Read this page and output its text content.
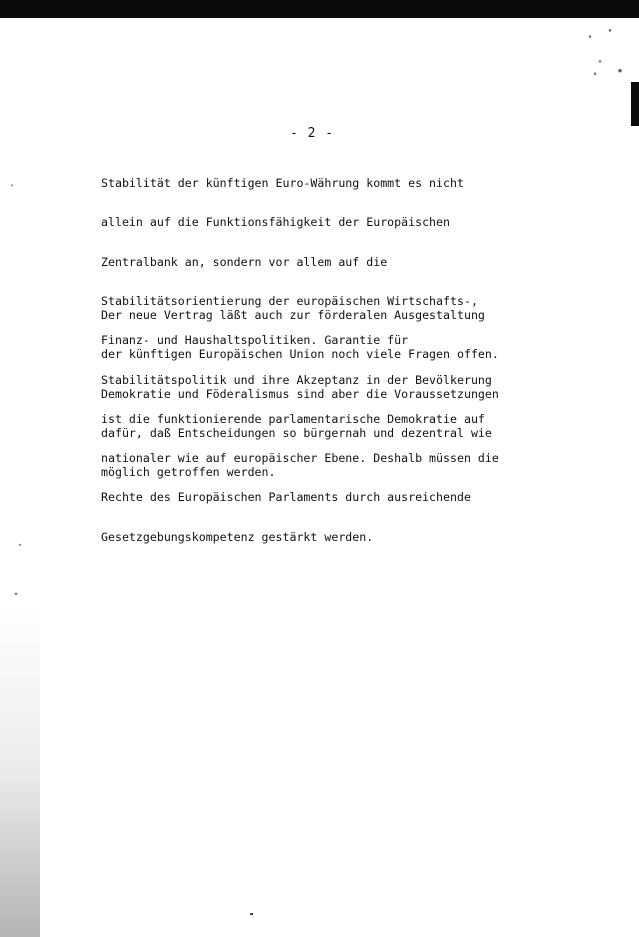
- 2 -

Stabilität der künftigen Euro-Währung kommt es nicht

allein auf die Funktionsfähigkeit der Europäischen

Zentralbank an, sondern vor allem auf die

Stabilitätsorientierung der europäischen Wirtschafts-,

Finanz- und Haushaltspolitiken. Garantie für

Stabilitätspolitik und ihre Akzeptanz in der Bevölkerung

ist die funktionierende parlamentarische Demokratie auf

nationaler wie auf europäischer Ebene. Deshalb müssen die

Rechte des Europäischen Parlaments durch ausreichende

Gesetzgebungskompetenz gestärkt werden.

Der neue Vertrag läßt auch zur förderalen Ausgestaltung

der künftigen Europäischen Union noch viele Fragen offen.

Demokratie und Föderalismus sind aber die Voraussetzungen

dafür, daß Entscheidungen so bürgernah und dezentral wie

möglich getroffen werden.
